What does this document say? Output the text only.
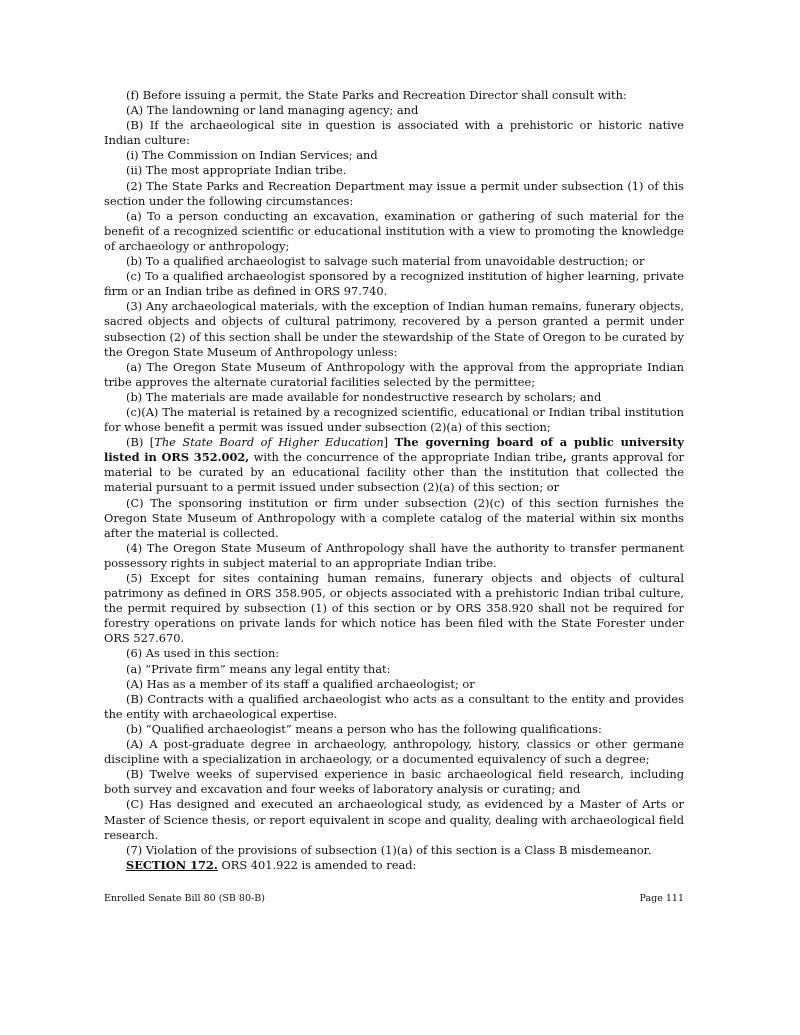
(f) Before issuing a permit, the State Parks and Recreation Director shall consult with:

(A) The landowning or land managing agency; and

(B) If the archaeological site in question is associated with a prehistoric or historic native Indian culture:

(i) The Commission on Indian Services; and

(ii) The most appropriate Indian tribe.

(2) The State Parks and Recreation Department may issue a permit under subsection (1) of this section under the following circumstances:

(a) To a person conducting an excavation, examination or gathering of such material for the benefit of a recognized scientific or educational institution with a view to promoting the knowledge of archaeology or anthropology;

(b) To a qualified archaeologist to salvage such material from unavoidable destruction; or

(c) To a qualified archaeologist sponsored by a recognized institution of higher learning, private firm or an Indian tribe as defined in ORS 97.740.

(3) Any archaeological materials, with the exception of Indian human remains, funerary objects, sacred objects and objects of cultural patrimony, recovered by a person granted a permit under subsection (2) of this section shall be under the stewardship of the State of Oregon to be curated by the Oregon State Museum of Anthropology unless:

(a) The Oregon State Museum of Anthropology with the approval from the appropriate Indian tribe approves the alternate curatorial facilities selected by the permittee;

(b) The materials are made available for nondestructive research by scholars; and

(c)(A) The material is retained by a recognized scientific, educational or Indian tribal institution for whose benefit a permit was issued under subsection (2)(a) of this section;

(B) [The State Board of Higher Education] The governing board of a public university listed in ORS 352.002, with the concurrence of the appropriate Indian tribe, grants approval for material to be curated by an educational facility other than the institution that collected the material pursuant to a permit issued under subsection (2)(a) of this section; or

(C) The sponsoring institution or firm under subsection (2)(c) of this section furnishes the Oregon State Museum of Anthropology with a complete catalog of the material within six months after the material is collected.

(4) The Oregon State Museum of Anthropology shall have the authority to transfer permanent possessory rights in subject material to an appropriate Indian tribe.

(5) Except for sites containing human remains, funerary objects and objects of cultural patrimony as defined in ORS 358.905, or objects associated with a prehistoric Indian tribal culture, the permit required by subsection (1) of this section or by ORS 358.920 shall not be required for forestry operations on private lands for which notice has been filed with the State Forester under ORS 527.670.

(6) As used in this section:

(a) “Private firm” means any legal entity that:

(A) Has as a member of its staff a qualified archaeologist; or

(B) Contracts with a qualified archaeologist who acts as a consultant to the entity and provides the entity with archaeological expertise.

(b) “Qualified archaeologist” means a person who has the following qualifications:

(A) A post-graduate degree in archaeology, anthropology, history, classics or other germane discipline with a specialization in archaeology, or a documented equivalency of such a degree;

(B) Twelve weeks of supervised experience in basic archaeological field research, including both survey and excavation and four weeks of laboratory analysis or curating; and

(C) Has designed and executed an archaeological study, as evidenced by a Master of Arts or Master of Science thesis, or report equivalent in scope and quality, dealing with archaeological field research.

(7) Violation of the provisions of subsection (1)(a) of this section is a Class B misdemeanor.

SECTION 172. ORS 401.922 is amended to read:

Enrolled Senate Bill 80 (SB 80-B)	Page 111
